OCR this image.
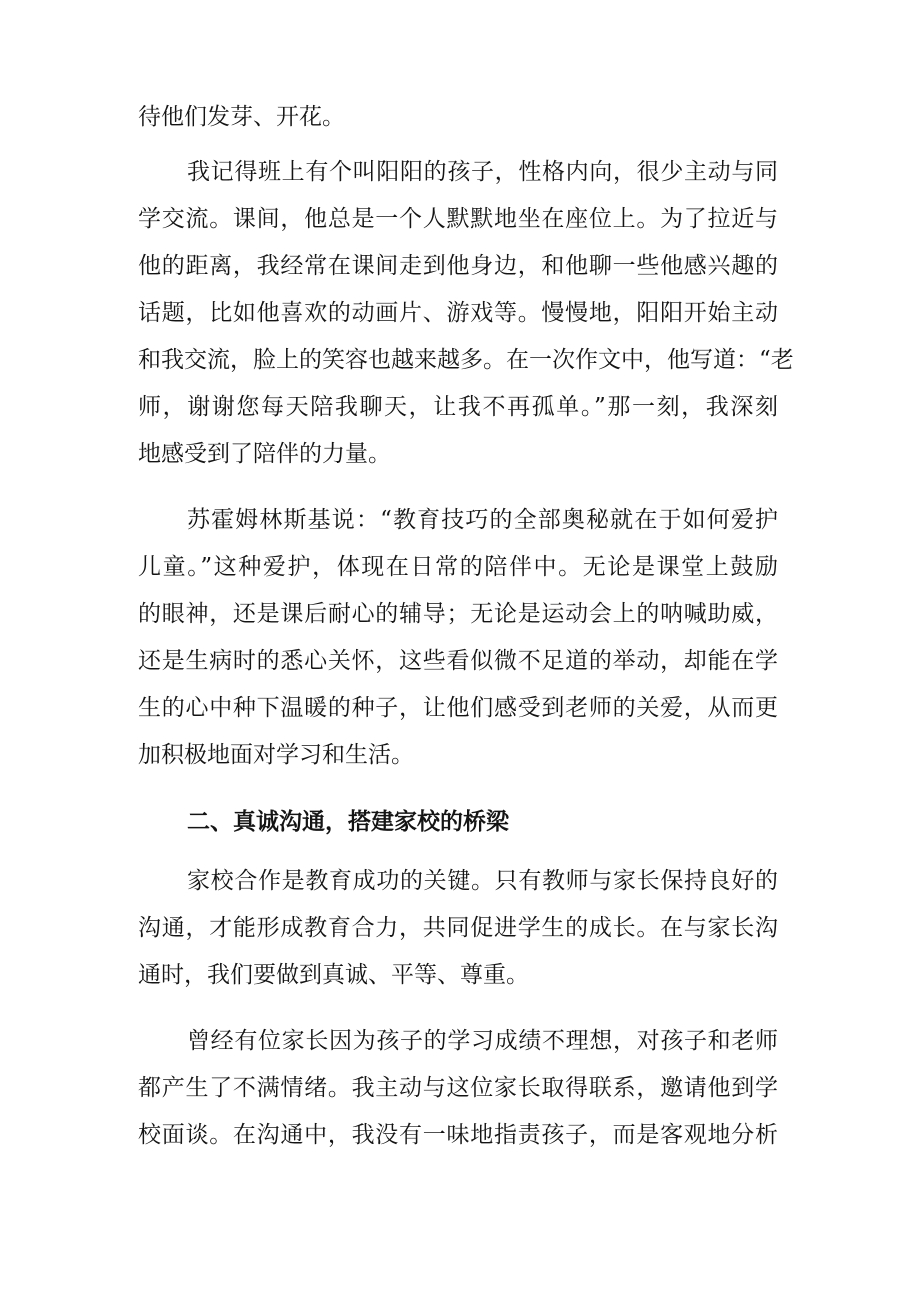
待他们发芽、开花。
我记得班上有个叫阳阳的孩子，性格内向，很少主动与同
学交流。课间，他总是一个人默默地坐在座位上。为了拉近与
他的距离，我经常在课间走到他身边，和他聊一些他感兴趣的
话题，比如他喜欢的动画片、游戏等。慢慢地，阳阳开始主动
和我交流，脸上的笑容也越来越多。在一次作文中，他写道：“老
师，谢谢您每天陪我聊天，让我不再孤单。”那一刻，我深刻
地感受到了陪伴的力量。
苏霍姆林斯基说：“教育技巧的全部奥秘就在于如何爱护
儿童。”这种爱护，体现在日常的陪伴中。无论是课堂上鼓励
的眼神，还是课后耐心的辅导；无论是运动会上的呐喊助威，
还是生病时的悉心关怀，这些看似微不足道的举动，却能在学
生的心中种下温暖的种子，让他们感受到老师的关爱，从而更
加积极地面对学习和生活。
二、真诚沟通，搭建家校的桥梁
家校合作是教育成功的关键。只有教师与家长保持良好的
沟通，才能形成教育合力，共同促进学生的成长。在与家长沟
通时，我们要做到真诚、平等、尊重。
曾经有位家长因为孩子的学习成绩不理想，对孩子和老师
都产生了不满情绪。我主动与这位家长取得联系，邀请他到学
校面谈。在沟通中，我没有一味地指责孩子，而是客观地分析
